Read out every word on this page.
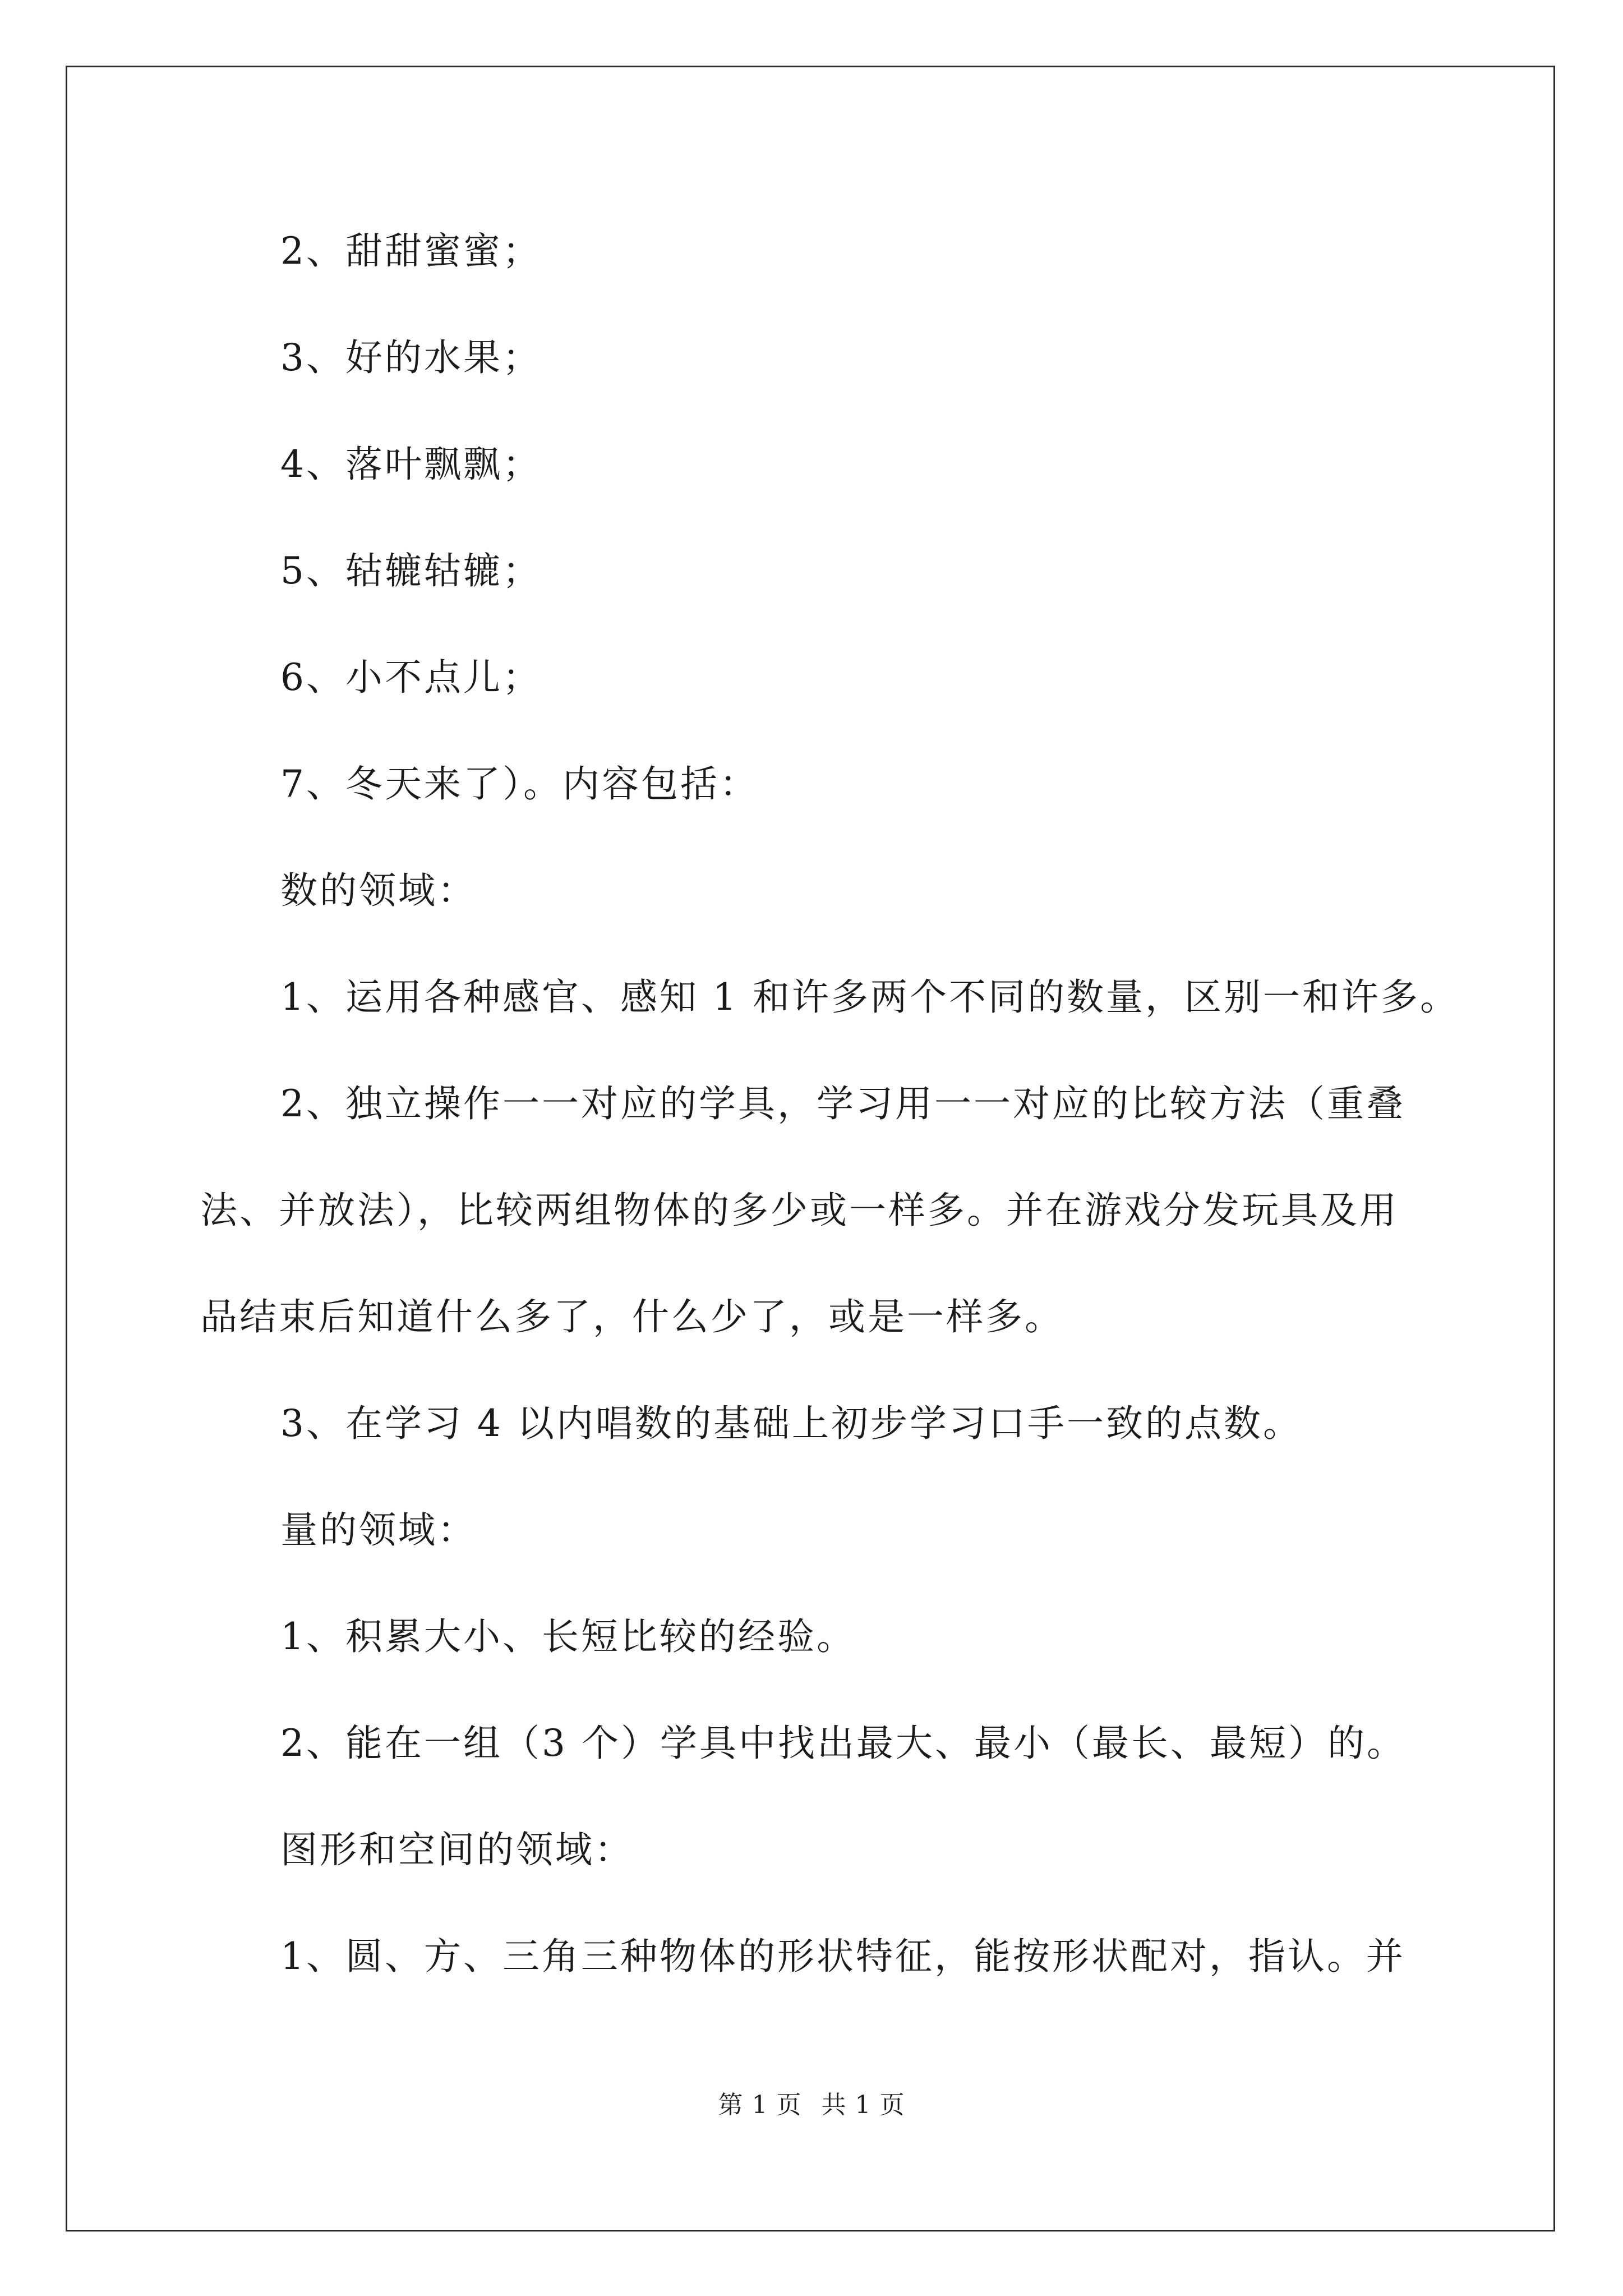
2、甜甜蜜蜜；
3、好的水果；
4、落叶飘飘；
5、轱辘轱辘；
6、小不点儿；
7、冬天来了）。内容包括：
数的领域：
1、运用各种感官、感知 1 和许多两个不同的数量，区别一和许多。
2、独立操作一一对应的学具，学习用一一对应的比较方法（重叠
法、并放法），比较两组物体的多少或一样多。并在游戏分发玩具及用
品结束后知道什么多了，什么少了，或是一样多。
3、在学习 4 以内唱数的基础上初步学习口手一致的点数。
量的领域：
1、积累大小、长短比较的经验。
2、能在一组（3 个）学具中找出最大、最小（最长、最短）的。
图形和空间的领域：
1、圆、方、三角三种物体的形状特征，能按形状配对，指认。并
第 1 页 共 1 页
